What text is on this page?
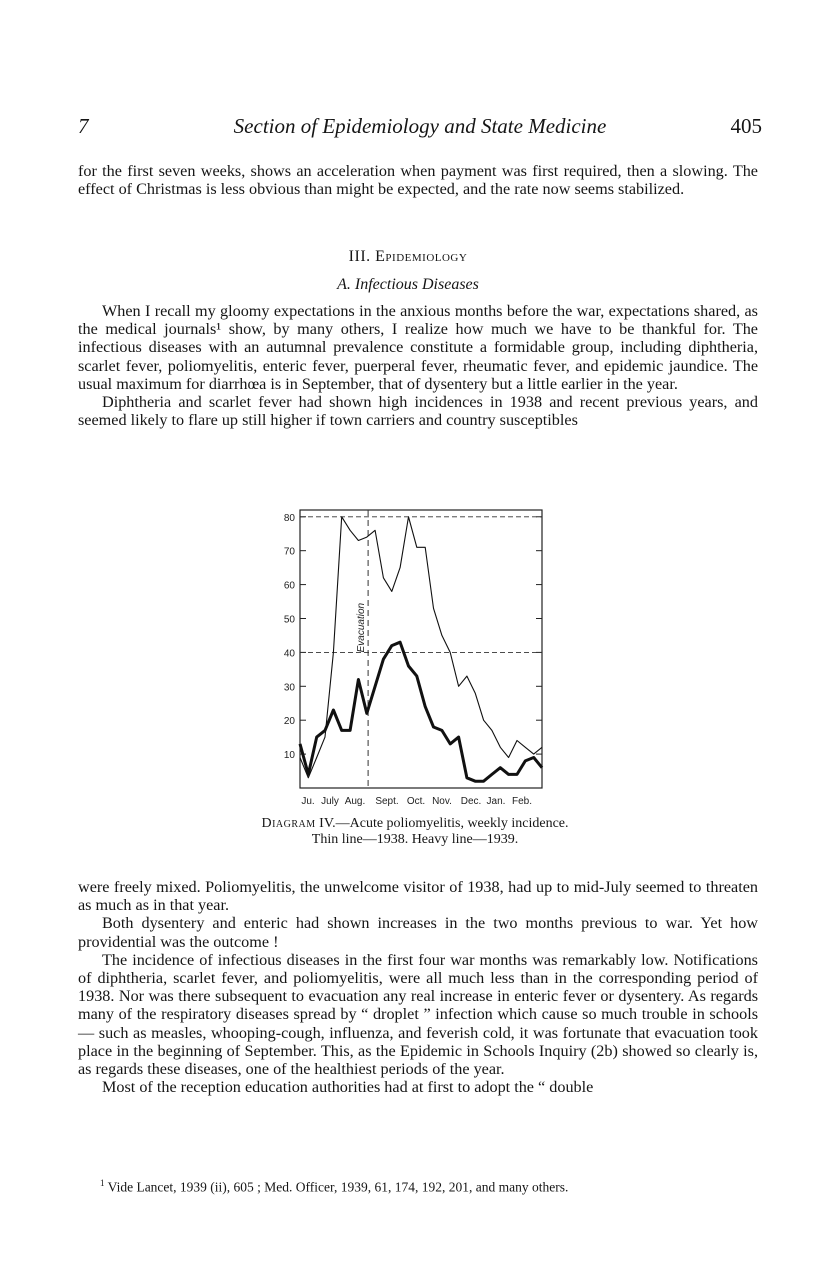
7	Section of Epidemiology and State Medicine	405

for the first seven weeks, shows an acceleration when payment was first required, then a slowing. The effect of Christmas is less obvious than might be expected, and the rate now seems stabilized.

III. Epidemiology
A. Infectious Diseases

When I recall my gloomy expectations in the anxious months before the war, expectations shared, as the medical journals¹ show, by many others, I realize how much we have to be thankful for. The infectious diseases with an autumnal prevalence constitute a formidable group, including diphtheria, scarlet fever, poliomyelitis, enteric fever, puerperal fever, rheumatic fever, and epidemic jaundice. The usual maximum for diarrhœa is in September, that of dysentery but a little earlier in the year.

Diphtheria and scarlet fever had shown high incidences in 1938 and recent previous years, and seemed likely to flare up still higher if town carriers and country susceptibles

10
20
30
40
50
60
70
80
Evacuation
Ju. July Aug. Sept. Oct. Nov. Dec. Jan. Feb.
Diagram IV.—Acute poliomyelitis, weekly incidence.
Thin line—1938. Heavy line—1939.

were freely mixed. Poliomyelitis, the unwelcome visitor of 1938, had up to mid-July seemed to threaten as much as in that year.

Both dysentery and enteric had shown increases in the two months previous to war. Yet how providential was the outcome !

The incidence of infectious diseases in the first four war months was remarkably low. Notifications of diphtheria, scarlet fever, and poliomyelitis, were all much less than in the corresponding period of 1938. Nor was there subsequent to evacuation any real increase in enteric fever or dysentery. As regards many of the respiratory diseases spread by “ droplet ” infection which cause so much trouble in schools— such as measles, whooping-cough, influenza, and feverish cold, it was fortunate that evacuation took place in the beginning of September. This, as the Epidemic in Schools Inquiry (2b) showed so clearly is, as regards these diseases, one of the healthiest periods of the year.

Most of the reception education authorities had at first to adopt the “ double

$^1$ Vide Lancet, 1939 (ii), 605 ; Med. Officer, 1939, 61, 174, 192, 201, and many others.
